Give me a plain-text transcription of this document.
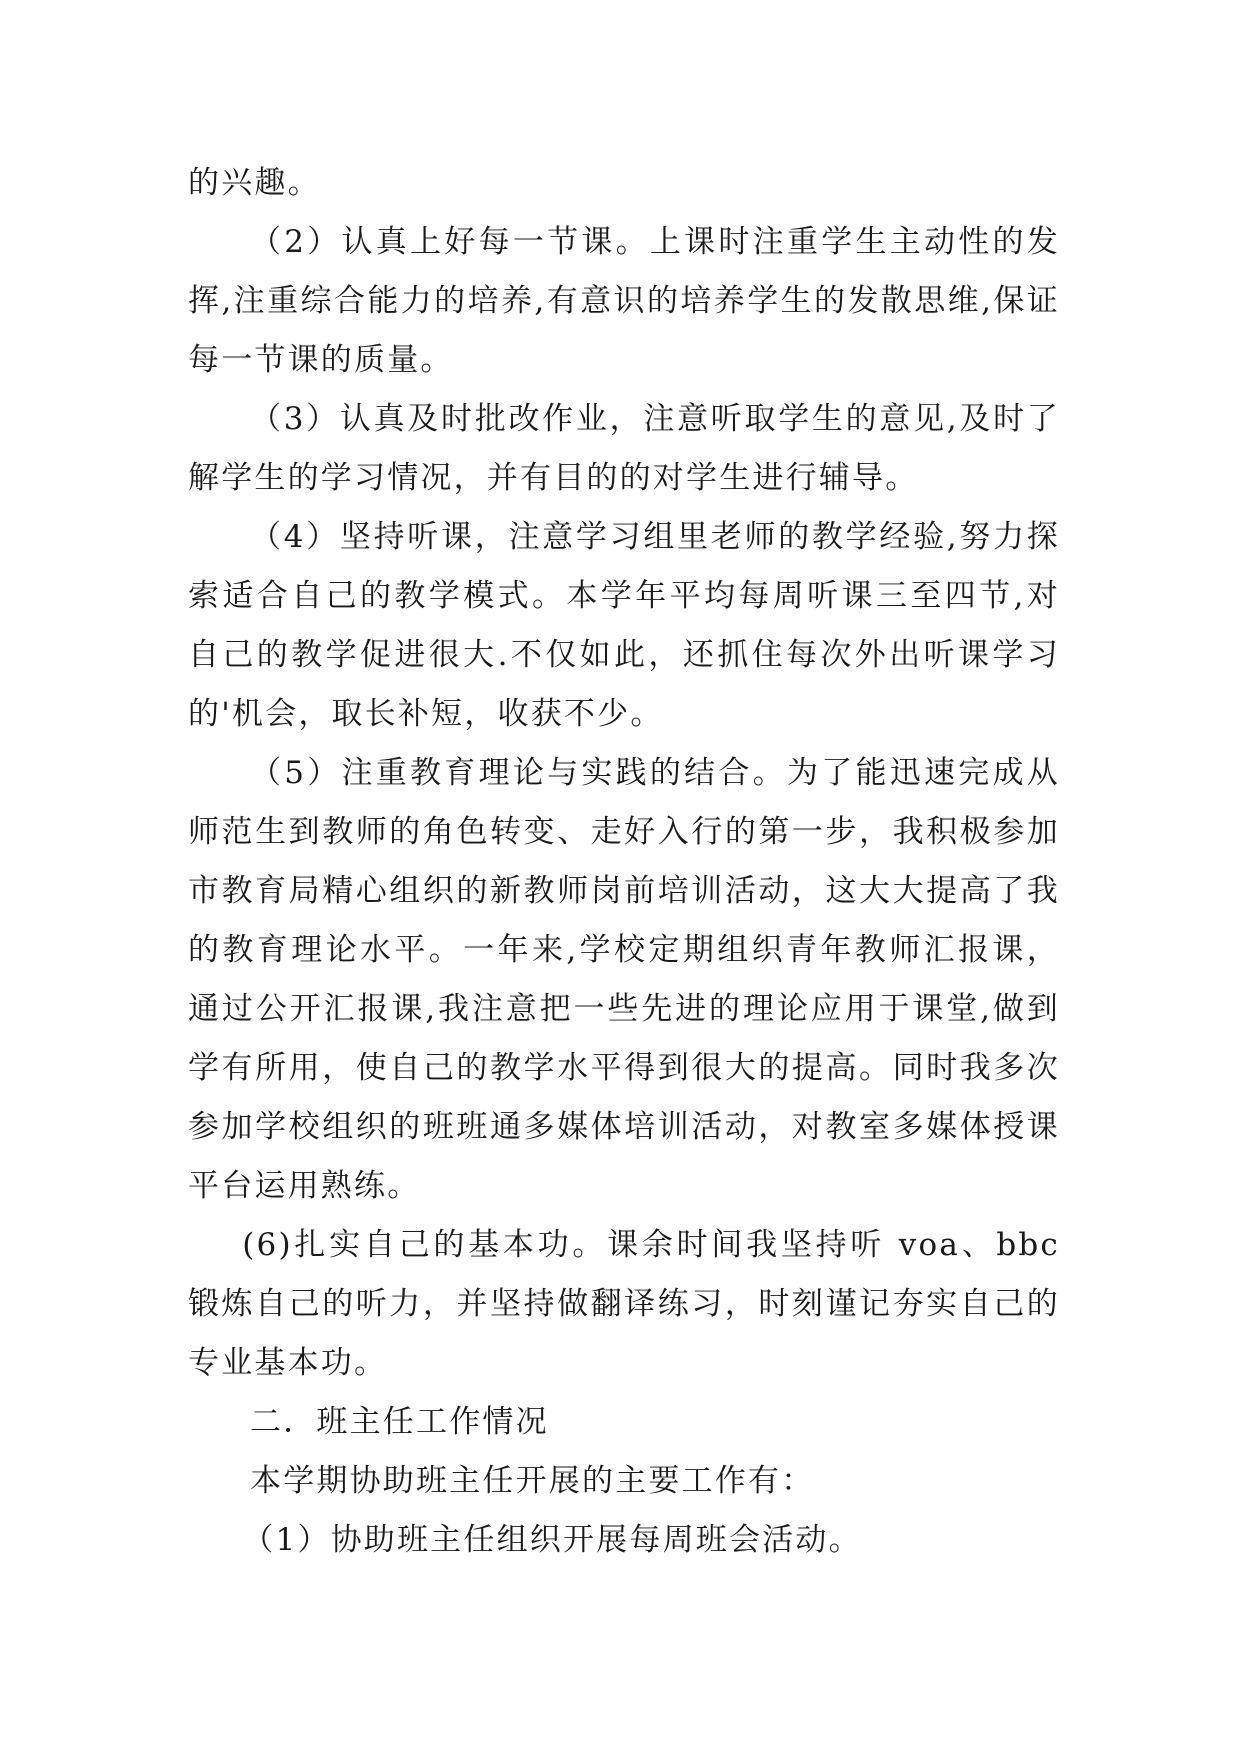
的兴趣。

（2）认真上好每一节课。上课时注重学生主动性的发挥,注重综合能力的培养,有意识的培养学生的发散思维,保证每一节课的质量。

（3）认真及时批改作业，注意听取学生的意见,及时了解学生的学习情况，并有目的的对学生进行辅导。

（4）坚持听课，注意学习组里老师的教学经验,努力探索适合自己的教学模式。本学年平均每周听课三至四节,对自己的教学促进很大.不仅如此，还抓住每次外出听课学习的'机会，取长补短，收获不少。

（5）注重教育理论与实践的结合。为了能迅速完成从师范生到教师的角色转变、走好入行的第一步，我积极参加市教育局精心组织的新教师岗前培训活动，这大大提高了我的教育理论水平。一年来,学校定期组织青年教师汇报课，通过公开汇报课,我注意把一些先进的理论应用于课堂,做到学有所用，使自己的教学水平得到很大的提高。同时我多次参加学校组织的班班通多媒体培训活动，对教室多媒体授课平台运用熟练。

(6)扎实自己的基本功。课余时间我坚持听 voa、bbc 锻炼自己的听力，并坚持做翻译练习，时刻谨记夯实自己的专业基本功。

二．班主任工作情况

本学期协助班主任开展的主要工作有：

（1）协助班主任组织开展每周班会活动。
